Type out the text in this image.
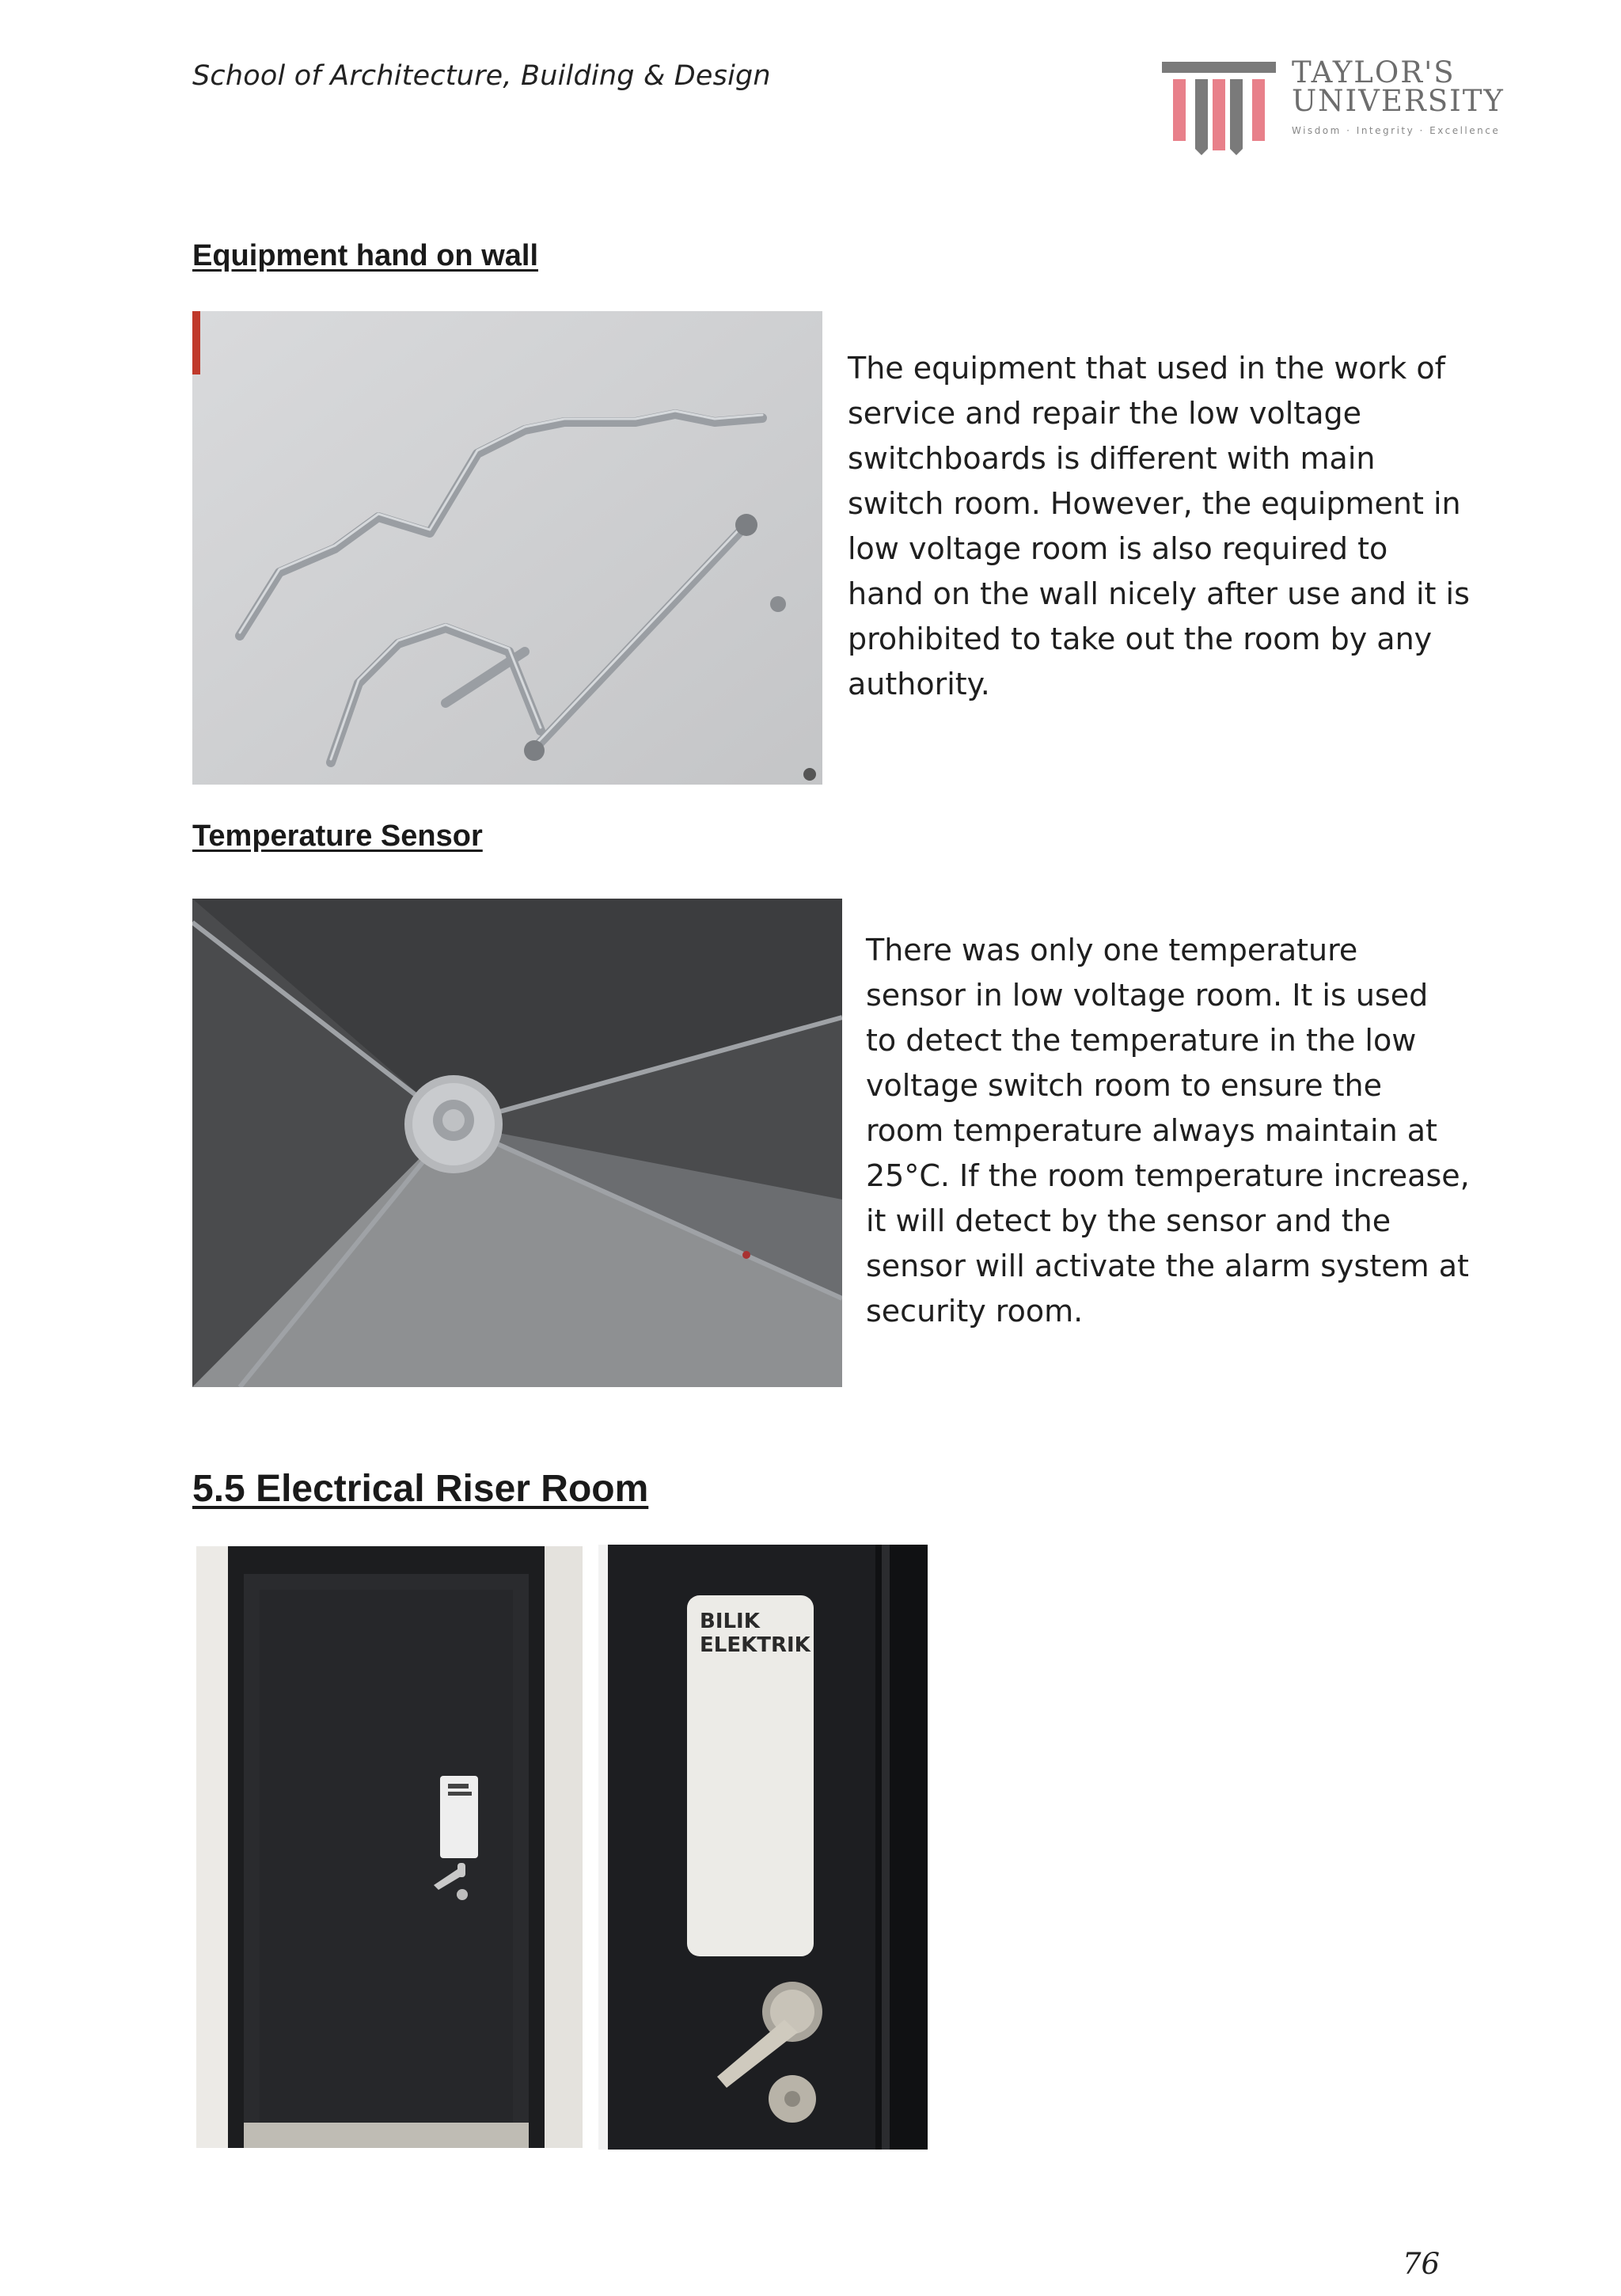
School of Architecture, Building & Design	TAYLOR'S
UNIVERSITY
Wisdom · Integrity · Excellence
Equipment hand on wall
The equipment that used in the work of
service and repair the low voltage
switchboards is different with main
switch room. However, the equipment in
low voltage room is also required to
hand on the wall nicely after use and it is
prohibited to take out the room by any
authority.
Temperature Sensor
There was only one temperature
sensor in low voltage room. It is used
to detect the temperature in the low
voltage switch room to ensure the
room temperature always maintain at
25°C. If the room temperature increase,
it will detect by the sensor and the
sensor will activate the alarm system at
security room.
5.5 Electrical Riser Room
BILIK
ELEKTRIK
76
